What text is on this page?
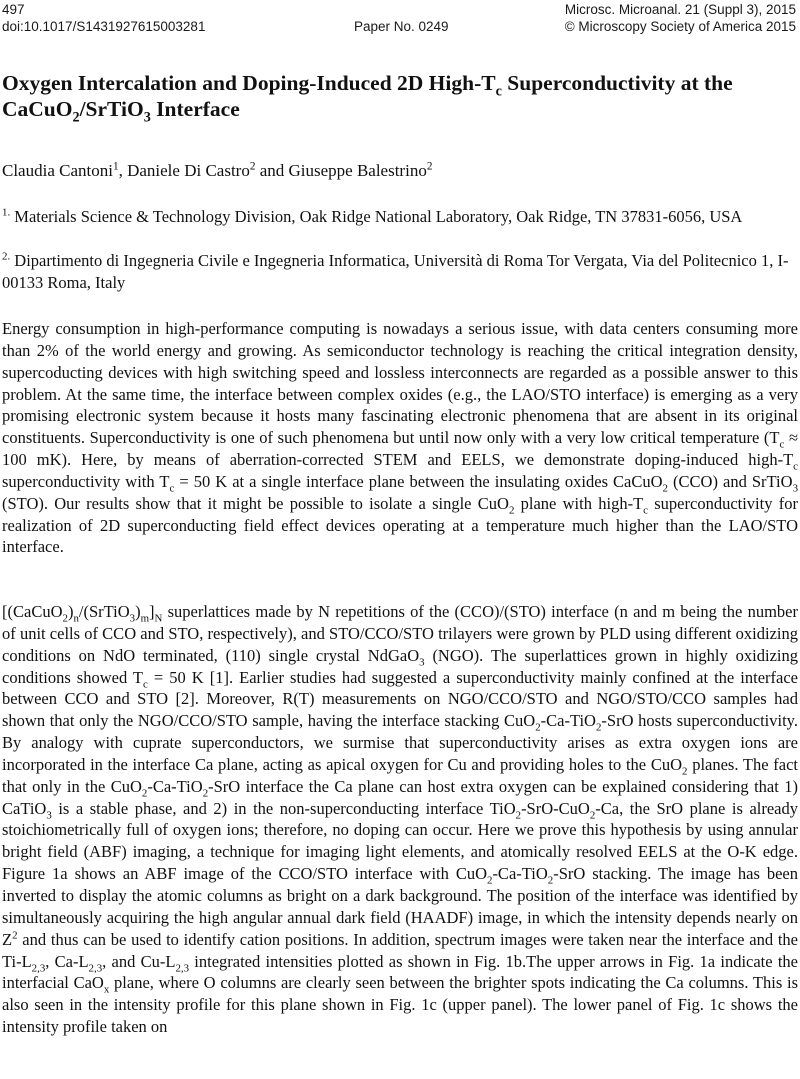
497
doi:10.1017/S1431927615003281	Paper No. 0249
Microsc. Microanal. 21 (Suppl 3), 2015
© Microscopy Society of America 2015
Oxygen Intercalation and Doping-Induced 2D High-$T_c$ Superconductivity at the CaCuO$_2$/SrTiO$_3$ Interface
Claudia Cantoni$^1$, Daniele Di Castro$^2$ and Giuseppe Balestrino$^2$
$^{1.}$ Materials Science & Technology Division, Oak Ridge National Laboratory, Oak Ridge, TN 37831-6056, USA
$^{2.}$ Dipartimento di Ingegneria Civile e Ingegneria Informatica, Università di Roma Tor Vergata, Via del Politecnico 1, I-00133 Roma, Italy
Energy consumption in high-performance computing is nowadays a serious issue, with data centers consuming more than 2% of the world energy and growing. As semiconductor technology is reaching the critical integration density, supercoducting devices with high switching speed and lossless interconnects are regarded as a possible answer to this problem. At the same time, the interface between complex oxides (e.g., the LAO/STO interface) is emerging as a very promising electronic system because it hosts many fascinating electronic phenomena that are absent in its original constituents. Superconductivity is one of such phenomena but until now only with a very low critical temperature ($T_c \approx 100$ mK). Here, by means of aberration-corrected STEM and EELS, we demonstrate doping-induced high-$T_c$ superconductivity with $T_c = 50$ K at a single interface plane between the insulating oxides CaCuO$_2$ (CCO) and SrTiO$_3$ (STO). Our results show that it might be possible to isolate a single CuO$_2$ plane with high-$T_c$ superconductivity for realization of 2D superconducting field effect devices operating at a temperature much higher than the LAO/STO interface.
$[(CaCuO_2)_n/(SrTiO_3)_m]_N$ superlattices made by N repetitions of the (CCO)/(STO) interface (n and m being the number of unit cells of CCO and STO, respectively), and STO/CCO/STO trilayers were grown by PLD using different oxidizing conditions on NdO terminated, (110) single crystal NdGaO$_3$ (NGO). The superlattices grown in highly oxidizing conditions showed $T_c = 50$ K [1]. Earlier studies had suggested a superconductivity mainly confined at the interface between CCO and STO [2]. Moreover, R(T) measurements on NGO/CCO/STO and NGO/STO/CCO samples had shown that only the NGO/CCO/STO sample, having the interface stacking CuO$_2$-Ca-TiO$_2$-SrO hosts superconductivity. By analogy with cuprate superconductors, we surmise that superconductivity arises as extra oxygen ions are incorporated in the interface Ca plane, acting as apical oxygen for Cu and providing holes to the CuO$_2$ planes. The fact that only in the CuO$_2$-Ca-TiO$_2$-SrO interface the Ca plane can host extra oxygen can be explained considering that 1) CaTiO$_3$ is a stable phase, and 2) in the non-superconducting interface TiO$_2$-SrO-CuO$_2$-Ca, the SrO plane is already stoichiometrically full of oxygen ions; therefore, no doping can occur. Here we prove this hypothesis by using annular bright field (ABF) imaging, a technique for imaging light elements, and atomically resolved EELS at the O-K edge. Figure 1a shows an ABF image of the CCO/STO interface with CuO$_2$-Ca-TiO$_2$-SrO stacking. The image has been inverted to display the atomic columns as bright on a dark background. The position of the interface was identified by simultaneously acquiring the high angular annual dark field (HAADF) image, in which the intensity depends nearly on $Z^2$ and thus can be used to identify cation positions. In addition, spectrum images were taken near the interface and the $Ti-L_{2,3}$, $Ca-L_{2,3}$, and $Cu-L_{2,3}$ integrated intensities plotted as shown in Fig. 1b.The upper arrows in Fig. 1a indicate the interfacial CaO$_x$ plane, where O columns are clearly seen between the brighter spots indicating the Ca columns. This is also seen in the intensity profile for this plane shown in Fig. 1c (upper panel). The lower panel of Fig. 1c shows the intensity profile taken on
